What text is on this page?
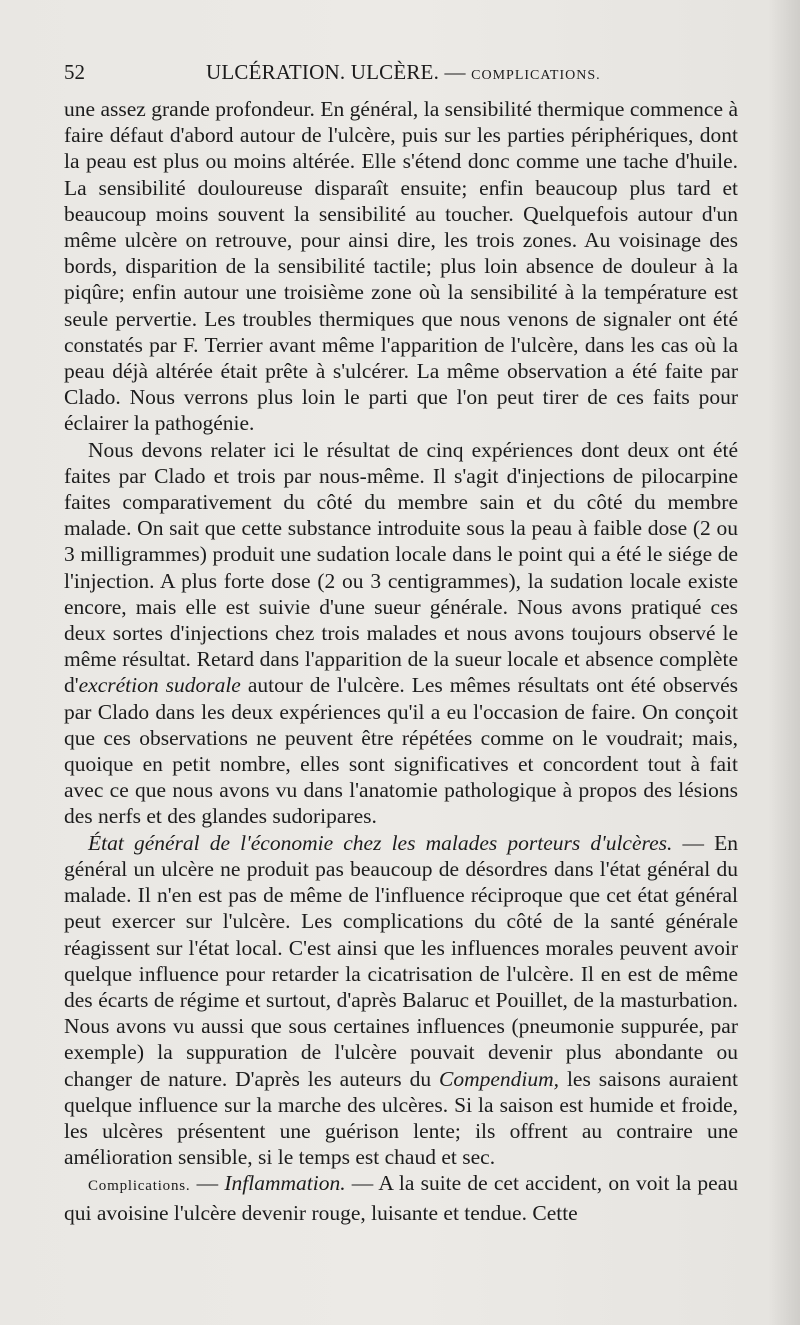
52	ULCÉRATION. ULCÈRE. — COMPLICATIONS.

une assez grande profondeur. En général, la sensibilité thermique commence à faire défaut d'abord autour de l'ulcère, puis sur les parties périphériques, dont la peau est plus ou moins altérée. Elle s'étend donc comme une tache d'huile. La sensibilité douloureuse disparaît ensuite; enfin beaucoup plus tard et beaucoup moins souvent la sensibilité au toucher. Quelquefois autour d'un même ulcère on retrouve, pour ainsi dire, les trois zones. Au voisinage des bords, disparition de la sensibilité tactile; plus loin absence de douleur à la piqûre; enfin autour une troisième zone où la sensibilité à la température est seule pervertie. Les troubles thermiques que nous venons de signaler ont été constatés par F. Terrier avant même l'apparition de l'ulcère, dans les cas où la peau déjà altérée était prête à s'ulcérer. La même observation a été faite par Clado. Nous verrons plus loin le parti que l'on peut tirer de ces faits pour éclairer la pathogénie.

Nous devons relater ici le résultat de cinq expériences dont deux ont été faites par Clado et trois par nous-même. Il s'agit d'injections de pilocarpine faites comparativement du côté du membre sain et du côté du membre malade. On sait que cette substance introduite sous la peau à faible dose (2 ou 3 milligrammes) produit une sudation locale dans le point qui a été le siége de l'injection. A plus forte dose (2 ou 3 centigrammes), la sudation locale existe encore, mais elle est suivie d'une sueur générale. Nous avons pratiqué ces deux sortes d'injections chez trois malades et nous avons toujours observé le même résultat. Retard dans l'apparition de la sueur locale et absence complète d'excrétion sudorale autour de l'ulcère. Les mêmes résultats ont été observés par Clado dans les deux expériences qu'il a eu l'occasion de faire. On conçoit que ces observations ne peuvent être répétées comme on le voudrait; mais, quoique en petit nombre, elles sont significatives et concordent tout à fait avec ce que nous avons vu dans l'anatomie pathologique à propos des lésions des nerfs et des glandes sudoripares.

État général de l'économie chez les malades porteurs d'ulcères. — En général un ulcère ne produit pas beaucoup de désordres dans l'état général du malade. Il n'en est pas de même de l'influence réciproque que cet état général peut exercer sur l'ulcère. Les complications du côté de la santé générale réagissent sur l'état local. C'est ainsi que les influences morales peuvent avoir quelque influence pour retarder la cicatrisation de l'ulcère. Il en est de même des écarts de régime et surtout, d'après Balaruc et Pouillet, de la masturbation. Nous avons vu aussi que sous certaines influences (pneumonie suppurée, par exemple) la suppuration de l'ulcère pouvait devenir plus abondante ou changer de nature. D'après les auteurs du Compendium, les saisons auraient quelque influence sur la marche des ulcères. Si la saison est humide et froide, les ulcères présentent une guérison lente; ils offrent au contraire une amélioration sensible, si le temps est chaud et sec.

Complications. — Inflammation. — A la suite de cet accident, on voit la peau qui avoisine l'ulcère devenir rouge, luisante et tendue. Cette
